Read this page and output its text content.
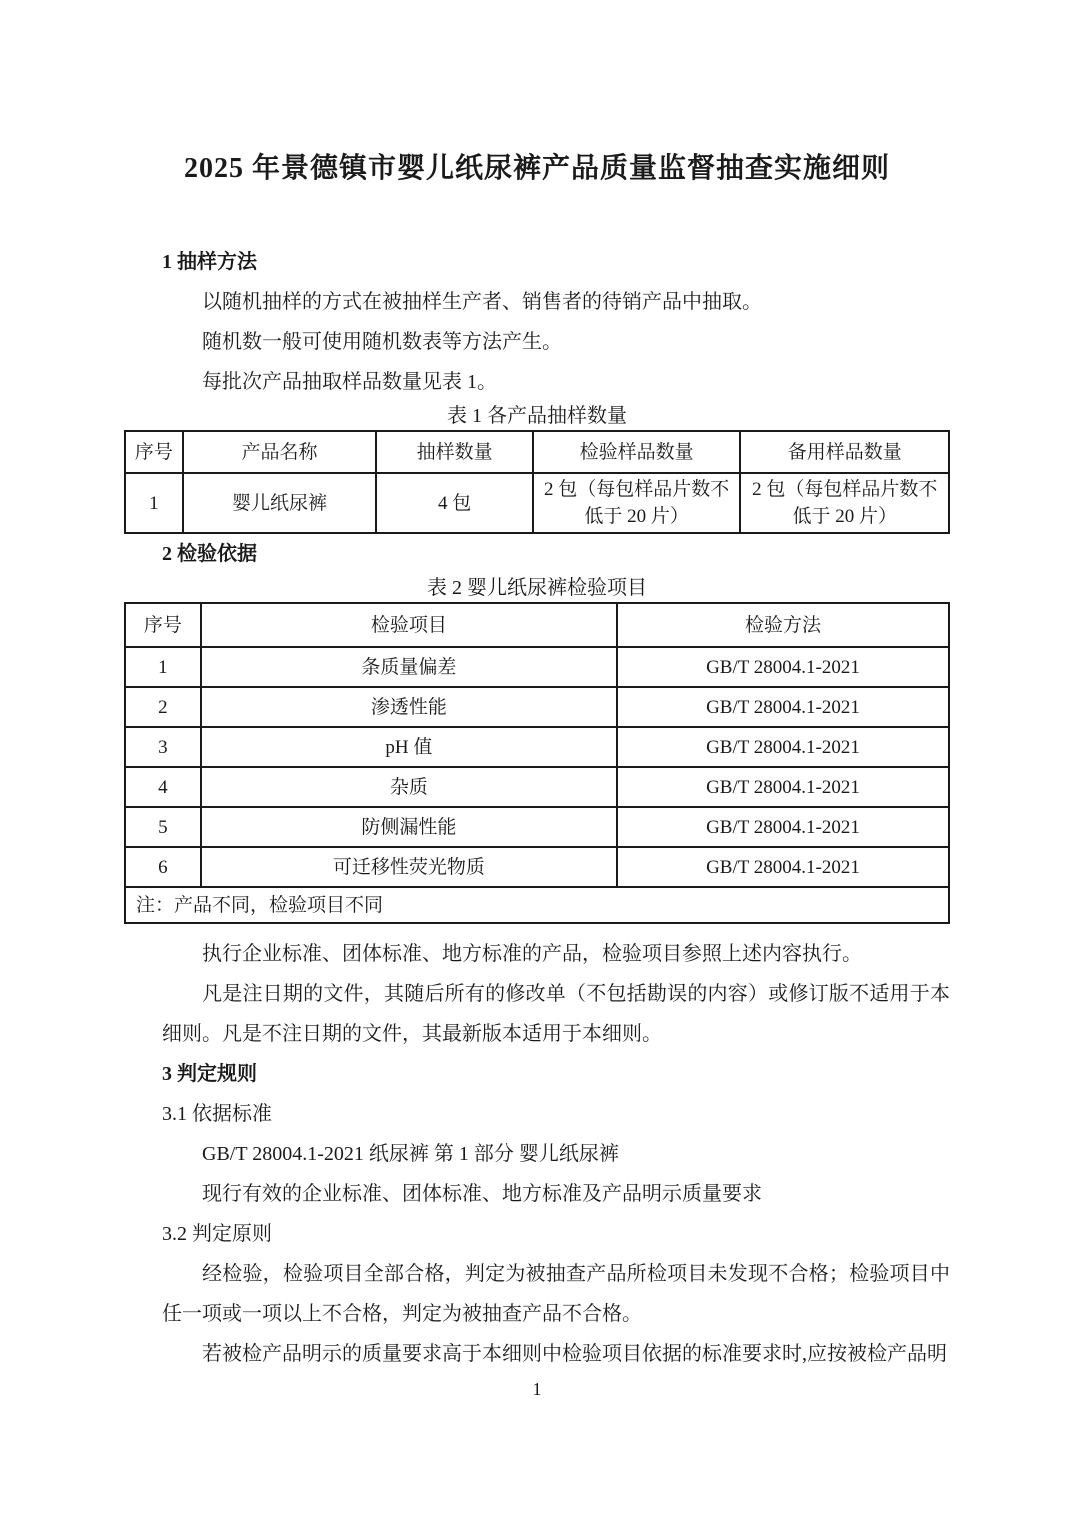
2025 年景德镇市婴儿纸尿裤产品质量监督抽查实施细则
1 抽样方法

以随机抽样的方式在被抽样生产者、销售者的待销产品中抽取。

随机数一般可使用随机数表等方法产生。

每批次产品抽取样品数量见表 1。

表 1 各产品抽样数量

序号	产品名称	抽样数量	检验样品数量	备用样品数量
1	婴儿纸尿裤	4 包	2 包（每包样品片数不低于 20 片）	2 包（每包样品片数不低于 20 片）
2 检验依据

表 2 婴儿纸尿裤检验项目

序号	检验项目	检验方法
1	条质量偏差	GB/T 28004.1-2021
2	渗透性能	GB/T 28004.1-2021
3	pH 值	GB/T 28004.1-2021
4	杂质	GB/T 28004.1-2021
5	防侧漏性能	GB/T 28004.1-2021
6	可迁移性荧光物质	GB/T 28004.1-2021
注：产品不同，检验项目不同		

执行企业标准、团体标准、地方标准的产品，检验项目参照上述内容执行。

凡是注日期的文件，其随后所有的修改单（不包括勘误的内容）或修订版不适用于本细则。凡是不注日期的文件，其最新版本适用于本细则。

3 判定规则

3.1 依据标准

GB/T 28004.1-2021 纸尿裤 第 1 部分 婴儿纸尿裤

现行有效的企业标准、团体标准、地方标准及产品明示质量要求

3.2 判定原则

经检验，检验项目全部合格，判定为被抽查产品所检项目未发现不合格；检验项目中任一项或一项以上不合格，判定为被抽查产品不合格。

若被检产品明示的质量要求高于本细则中检验项目依据的标准要求时,应按被检产品明

1
